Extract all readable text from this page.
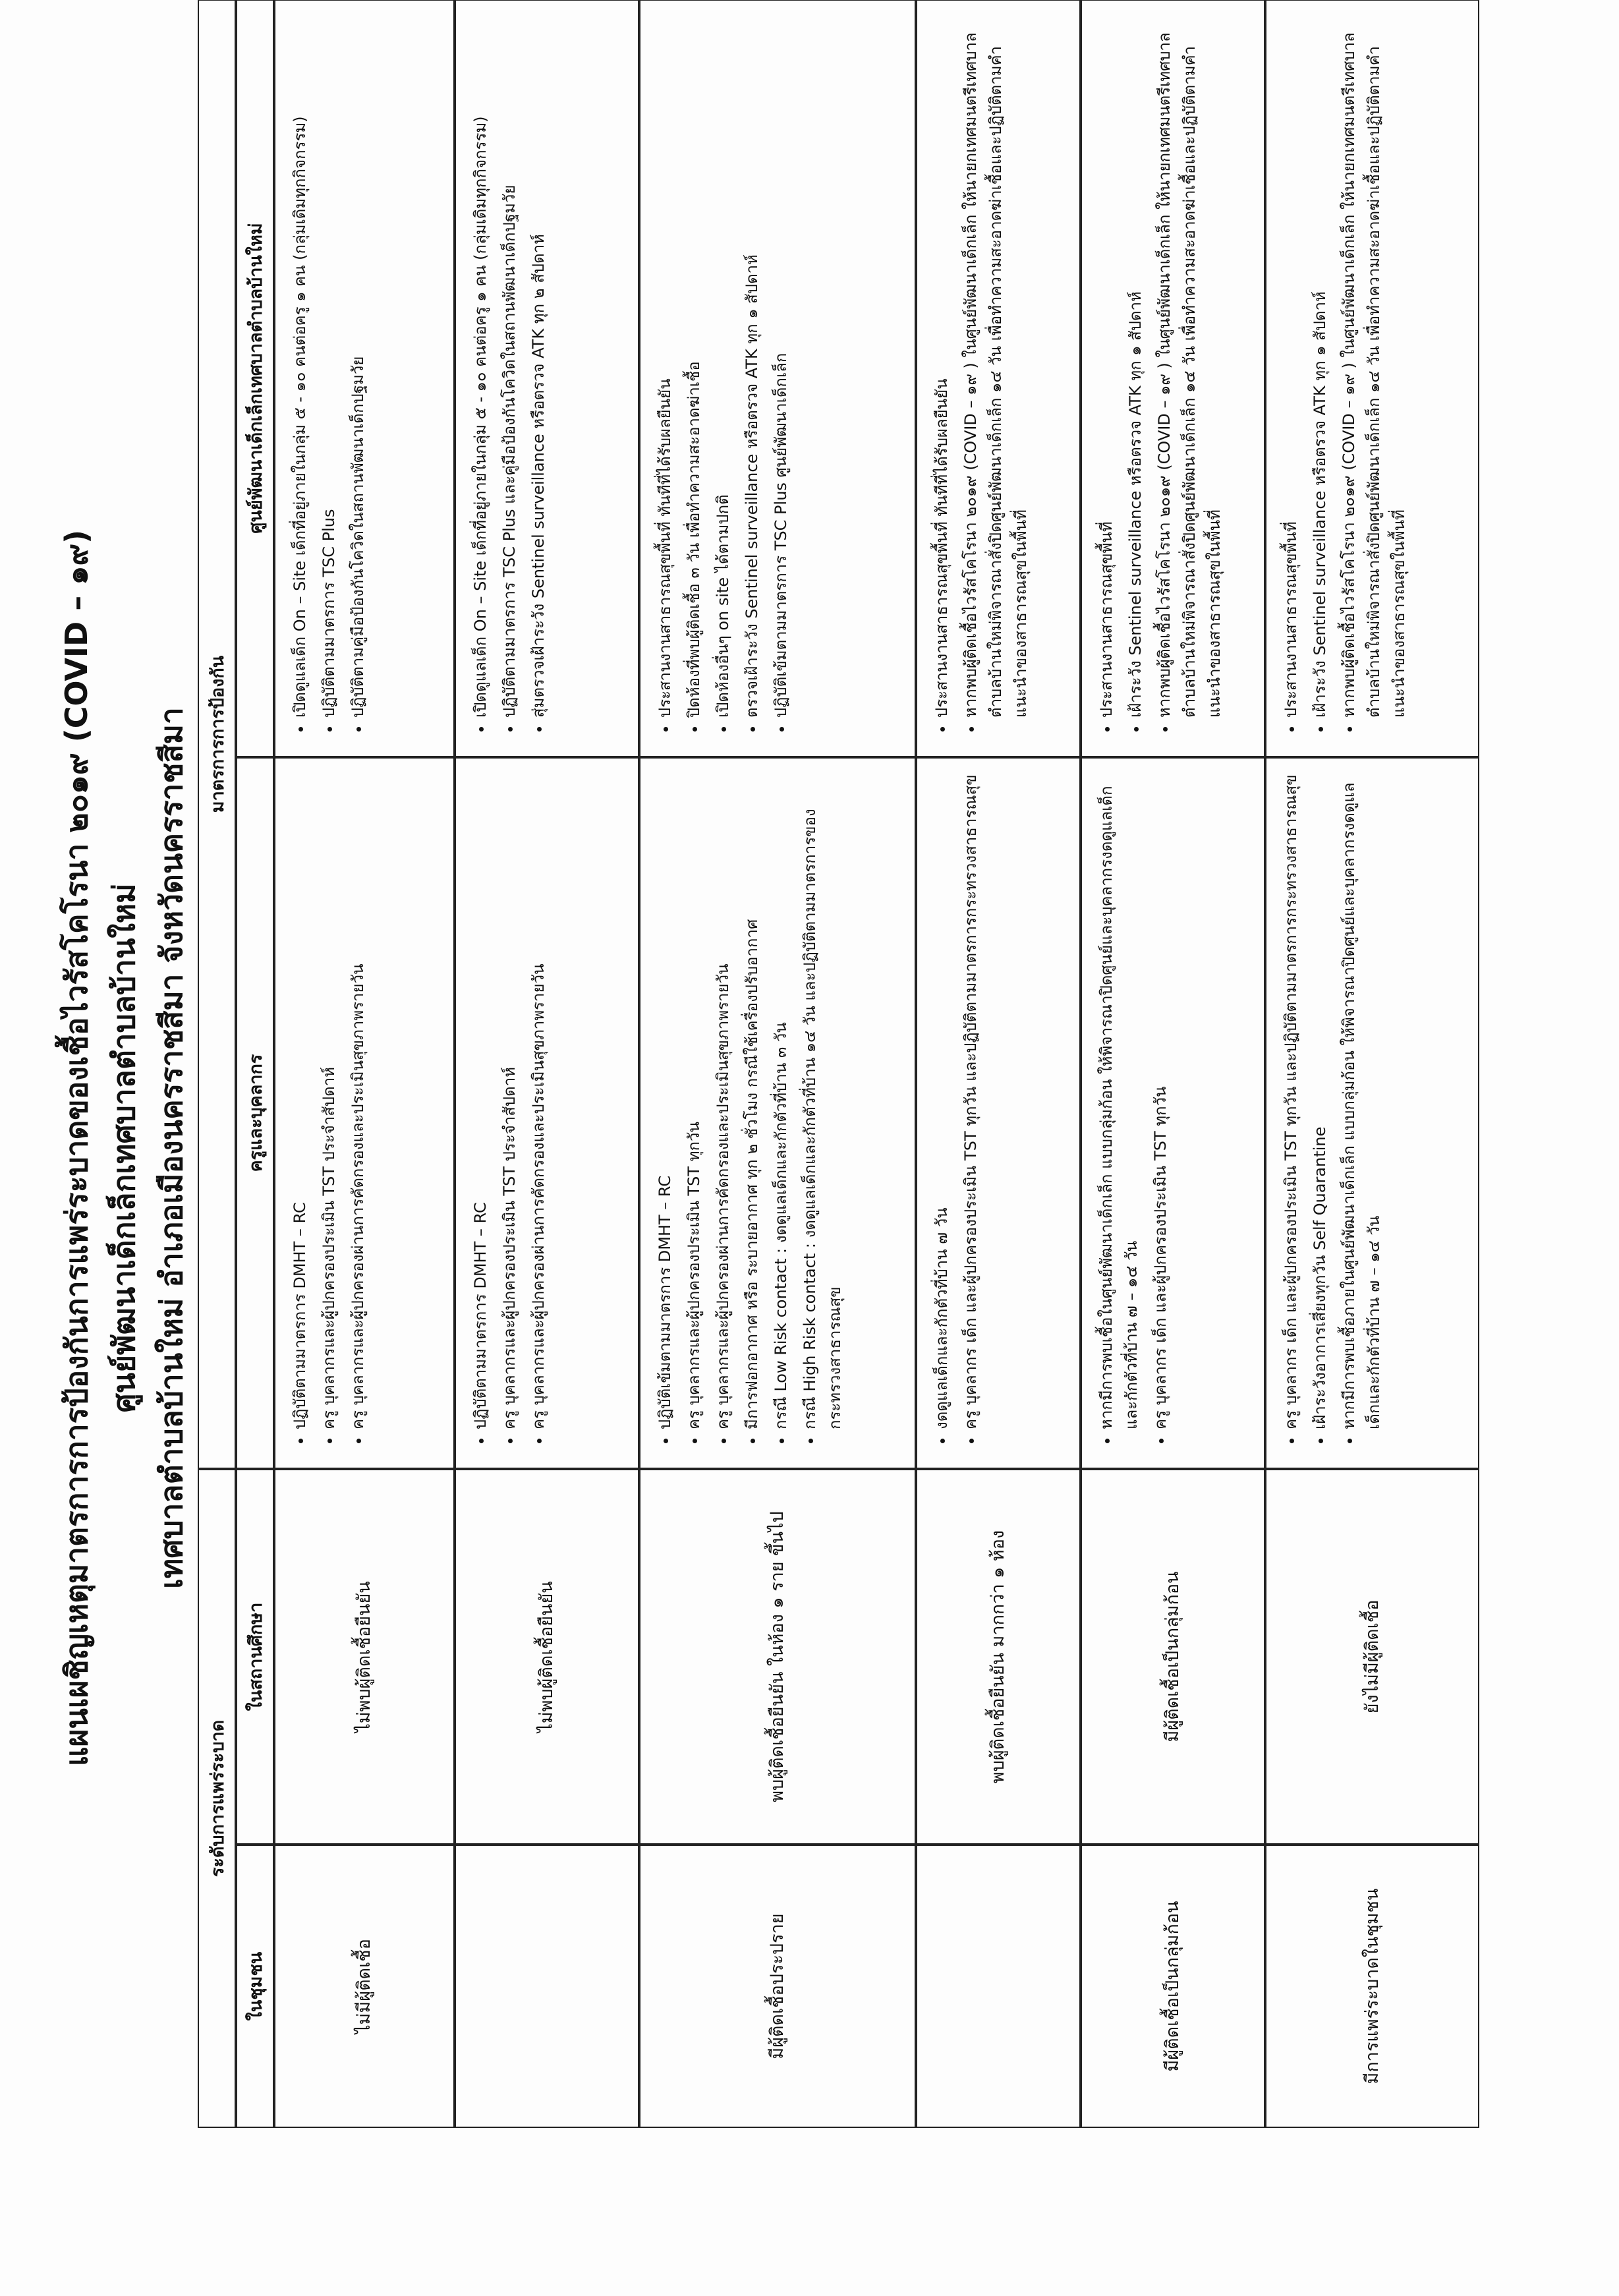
แผนเผชิญเหตุมาตรการการป้องกันการแพร่ระบาดของเชื้อไวรัสโคโรนา ๒๐๑๙ (COVID – ๑๙) ศูนย์พัฒนาเด็กเล็กเทศบาลตำบลบ้านใหม่ เทศบาลตำบลบ้านใหม่ อำเภอเมืองนครราชสีมา จังหวัดนครราชสีมา
ระดับการแพร่ระบาด
มาตรการการป้องกัน
ในชุมชน
ในสถานศึกษา
ครูและบุคลากร
ศูนย์พัฒนาเด็กเล็กเทศบาลตำบลบ้านใหม่
ไม่มีผู้ติดเชื้อ
ไม่พบผู้ติดเชื้อยืนยัน
• ปฏิบัติตามมาตรการ DMHT – RC • ครู บุคลากรและผู้ปกครองประเมิน TST ประจำสัปดาห์ • ครู บุคลากรและผู้ปกครองผ่านการคัดกรองและประเมินสุขภาพรายวัน
• เปิดดูแลเด็ก On – Site เด็กที่อยู่ภายในกลุ่ม ๕ - ๑๐ คนต่อครู ๑ คน (กลุ่มเดิมทุกกิจกรรม) • ปฏิบัติตามมาตรการ TSC Plus • ปฏิบัติตามคู่มือป้องกันโควิดในสถานพัฒนาเด็กปฐมวัย
ไม่พบผู้ติดเชื้อยืนยัน
• ปฏิบัติตามมาตรการ DMHT – RC • ครู บุคลากรและผู้ปกครองประเมิน TST ประจำสัปดาห์ • ครู บุคลากรและผู้ปกครองผ่านการคัดกรองและประเมินสุขภาพรายวัน
• เปิดดูแลเด็ก On – Site เด็กที่อยู่ภายในกลุ่ม ๕ - ๑๐ คนต่อครู ๑ คน (กลุ่มเดิมทุกกิจกรรม) • ปฏิบัติตามมาตรการ TSC Plus และคู่มือป้องกันโควิดในสถานพัฒนาเด็กปฐมวัย • สุ่มตรวจเฝ้าระวัง Sentinel surveillance หรือตรวจ ATK ทุก ๒ สัปดาห์
มีผู้ติดเชื้อประปราย
พบผู้ติดเชื้อยืนยัน ในห้อง ๑ ราย ขึ้นไป
• ปฏิบัติเข้มตามมาตรการ DMHT – RC • ครู บุคลากรและผู้ปกครองประเมิน TST ทุกวัน • ครู บุคลากรและผู้ปกครองผ่านการคัดกรองและประเมินสุขภาพรายวัน • มีการฟอกอากาศ หรือ ระบายอากาศ ทุก ๒ ชั่วโมง กรณีใช้เครื่องปรับอากาศ • กรณี Low Risk contact : งดดูแลเด็กและกักตัวที่บ้าน ๓ วัน • กรณี High Risk contact : งดดูแลเด็กและกักตัวที่บ้าน ๑๔ วัน และปฏิบัติตามมาตรการของกระทรวงสาธารณสุข
• ประสานงานสาธารณสุขพื้นที่ ทันทีที่ได้รับผลยืนยัน • ปิดห้องที่พบผู้ติดเชื้อ ๓ วัน เพื่อทำความสะอาดฆ่าเชื้อ • เปิดห้องอื่นๆ on site ได้ตามปกติ • ตรวจเฝ้าระวัง Sentinel surveillance หรือตรวจ ATK ทุก ๑ สัปดาห์ • ปฏิบัติเข้มตามมาตรการ TSC Plus ศูนย์พัฒนาเด็กเล็ก
พบผู้ติดเชื้อยืนยัน มากกว่า ๑ ห้อง
• งดดูแลเด็กและกักตัวที่บ้าน ๗ วัน • ครู บุคลากร เด็ก และผู้ปกครองประเมิน TST ทุกวัน และปฏิบัติตามมาตรการกระทรวงสาธารณสุข
• ประสานงานสาธารณสุขพื้นที่ ทันทีที่ได้รับผลยืนยัน • หากพบผู้ติดเชื้อไวรัสโคโรนา ๒๐๑๙ (COVID – ๑๙ ) ในศูนย์พัฒนาเด็กเล็ก ให้นายกเทศมนตรีเทศบาลตำบลบ้านใหม่พิจารณาสั่งปิดศูนย์พัฒนาเด็กเล็ก ๑๔ วัน เพื่อทำความสะอาดฆ่าเชื้อและปฏิบัติตามคำแนะนำของสาธารณสุขในพื้นที่
มีผู้ติดเชื้อเป็นกลุ่มก้อน
มีผู้ติดเชื้อเป็นกลุ่มก้อน
• หากมีการพบเชื้อในศูนย์พัฒนาเด็กเล็ก แบบกลุ่มก้อน ให้พิจารณาปิดศูนย์และบุคลากรงดดูแลเด็กและกักตัวที่บ้าน ๗ – ๑๔ วัน • ครู บุคลากร เด็ก และผู้ปกครองประเมิน TST ทุกวัน
• ประสานงานสาธารณสุขพื้นที่ • เฝ้าระวัง Sentinel surveillance หรือตรวจ ATK ทุก ๑ สัปดาห์ • หากพบผู้ติดเชื้อไวรัสโคโรนา ๒๐๑๙ (COVID – ๑๙ ) ในศูนย์พัฒนาเด็กเล็ก ให้นายกเทศมนตรีเทศบาลตำบลบ้านใหม่พิจารณาสั่งปิดศูนย์พัฒนาเด็กเล็ก ๑๔ วัน เพื่อทำความสะอาดฆ่าเชื้อและปฏิบัติตามคำแนะนำของสาธารณสุขในพื้นที่
มีการแพร่ระบาดในชุมชน
ยังไม่มีผู้ติดเชื้อ
• ครู บุคลากร เด็ก และผู้ปกครองประเมิน TST ทุกวัน และปฏิบัติตามมาตรการกระทรวงสาธารณสุข • เฝ้าระวังอาการเสี่ยงทุกวัน Self Quarantine • หากมีการพบเชื้อภายในศูนย์พัฒนาเด็กเล็ก แบบกลุ่มก้อน ให้พิจารณาปิดศูนย์และบุคลากรงดดูแลเด็กและกักตัวที่บ้าน ๗ – ๑๔ วัน
• ประสานงานสาธารณสุขพื้นที่ • เฝ้าระวัง Sentinel surveillance หรือตรวจ ATK ทุก ๑ สัปดาห์ • หากพบผู้ติดเชื้อไวรัสโคโรนา ๒๐๑๙ (COVID – ๑๙ ) ในศูนย์พัฒนาเด็กเล็ก ให้นายกเทศมนตรีเทศบาลตำบลบ้านใหม่พิจารณาสั่งปิดศูนย์พัฒนาเด็กเล็ก ๑๔ วัน เพื่อทำความสะอาดฆ่าเชื้อและปฏิบัติตามคำแนะนำของสาธารณสุขในพื้นที่
